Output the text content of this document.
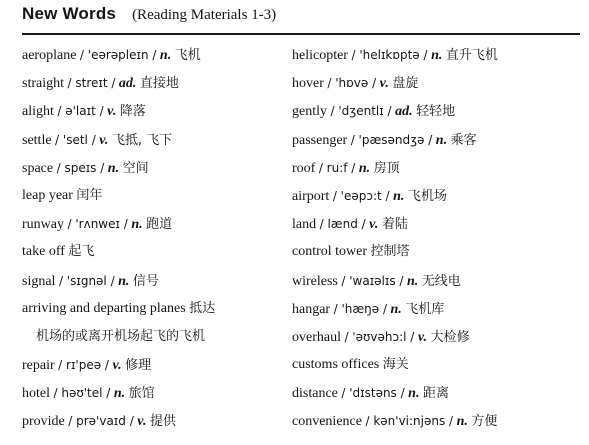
New Words (Reading Materials 1-3)
aeroplane / 'eərəpleɪn / n. 飞机
straight / streɪt / ad. 直接地
alight / ə'laɪt / v. 降落
settle / 'setl / v. 飞抵, 飞下
space / speɪs / n. 空间
leap year 闰年
runway / 'rʌnweɪ / n. 跑道
take off 起飞
signal / 'sɪgnəl / n. 信号
arriving and departing planes 抵达
机场的或离开机场起飞的飞机
repair / rɪ'peə / v. 修理
hotel / həʊ'tel / n. 旅馆
provide / prə'vaɪd / v. 提供
helicopter / 'helɪkɒptə / n. 直升飞机
hover / 'hɒvə / v. 盘旋
gently / 'dʒentlɪ / ad. 轻轻地
passenger / 'pæsəndʒə / n. 乘客
roof / ru:f / n. 房顶
airport / 'eəpɔ:t / n. 飞机场
land / lænd / v. 着陆
control tower 控制塔
wireless / 'waɪəlɪs / n. 无线电
hangar / 'hæŋə / n. 飞机库
overhaul / 'əʊvəhɔ:l / v. 大检修
customs offices 海关
distance / 'dɪstəns / n. 距离
convenience / kən'vi:njəns / n. 方便
